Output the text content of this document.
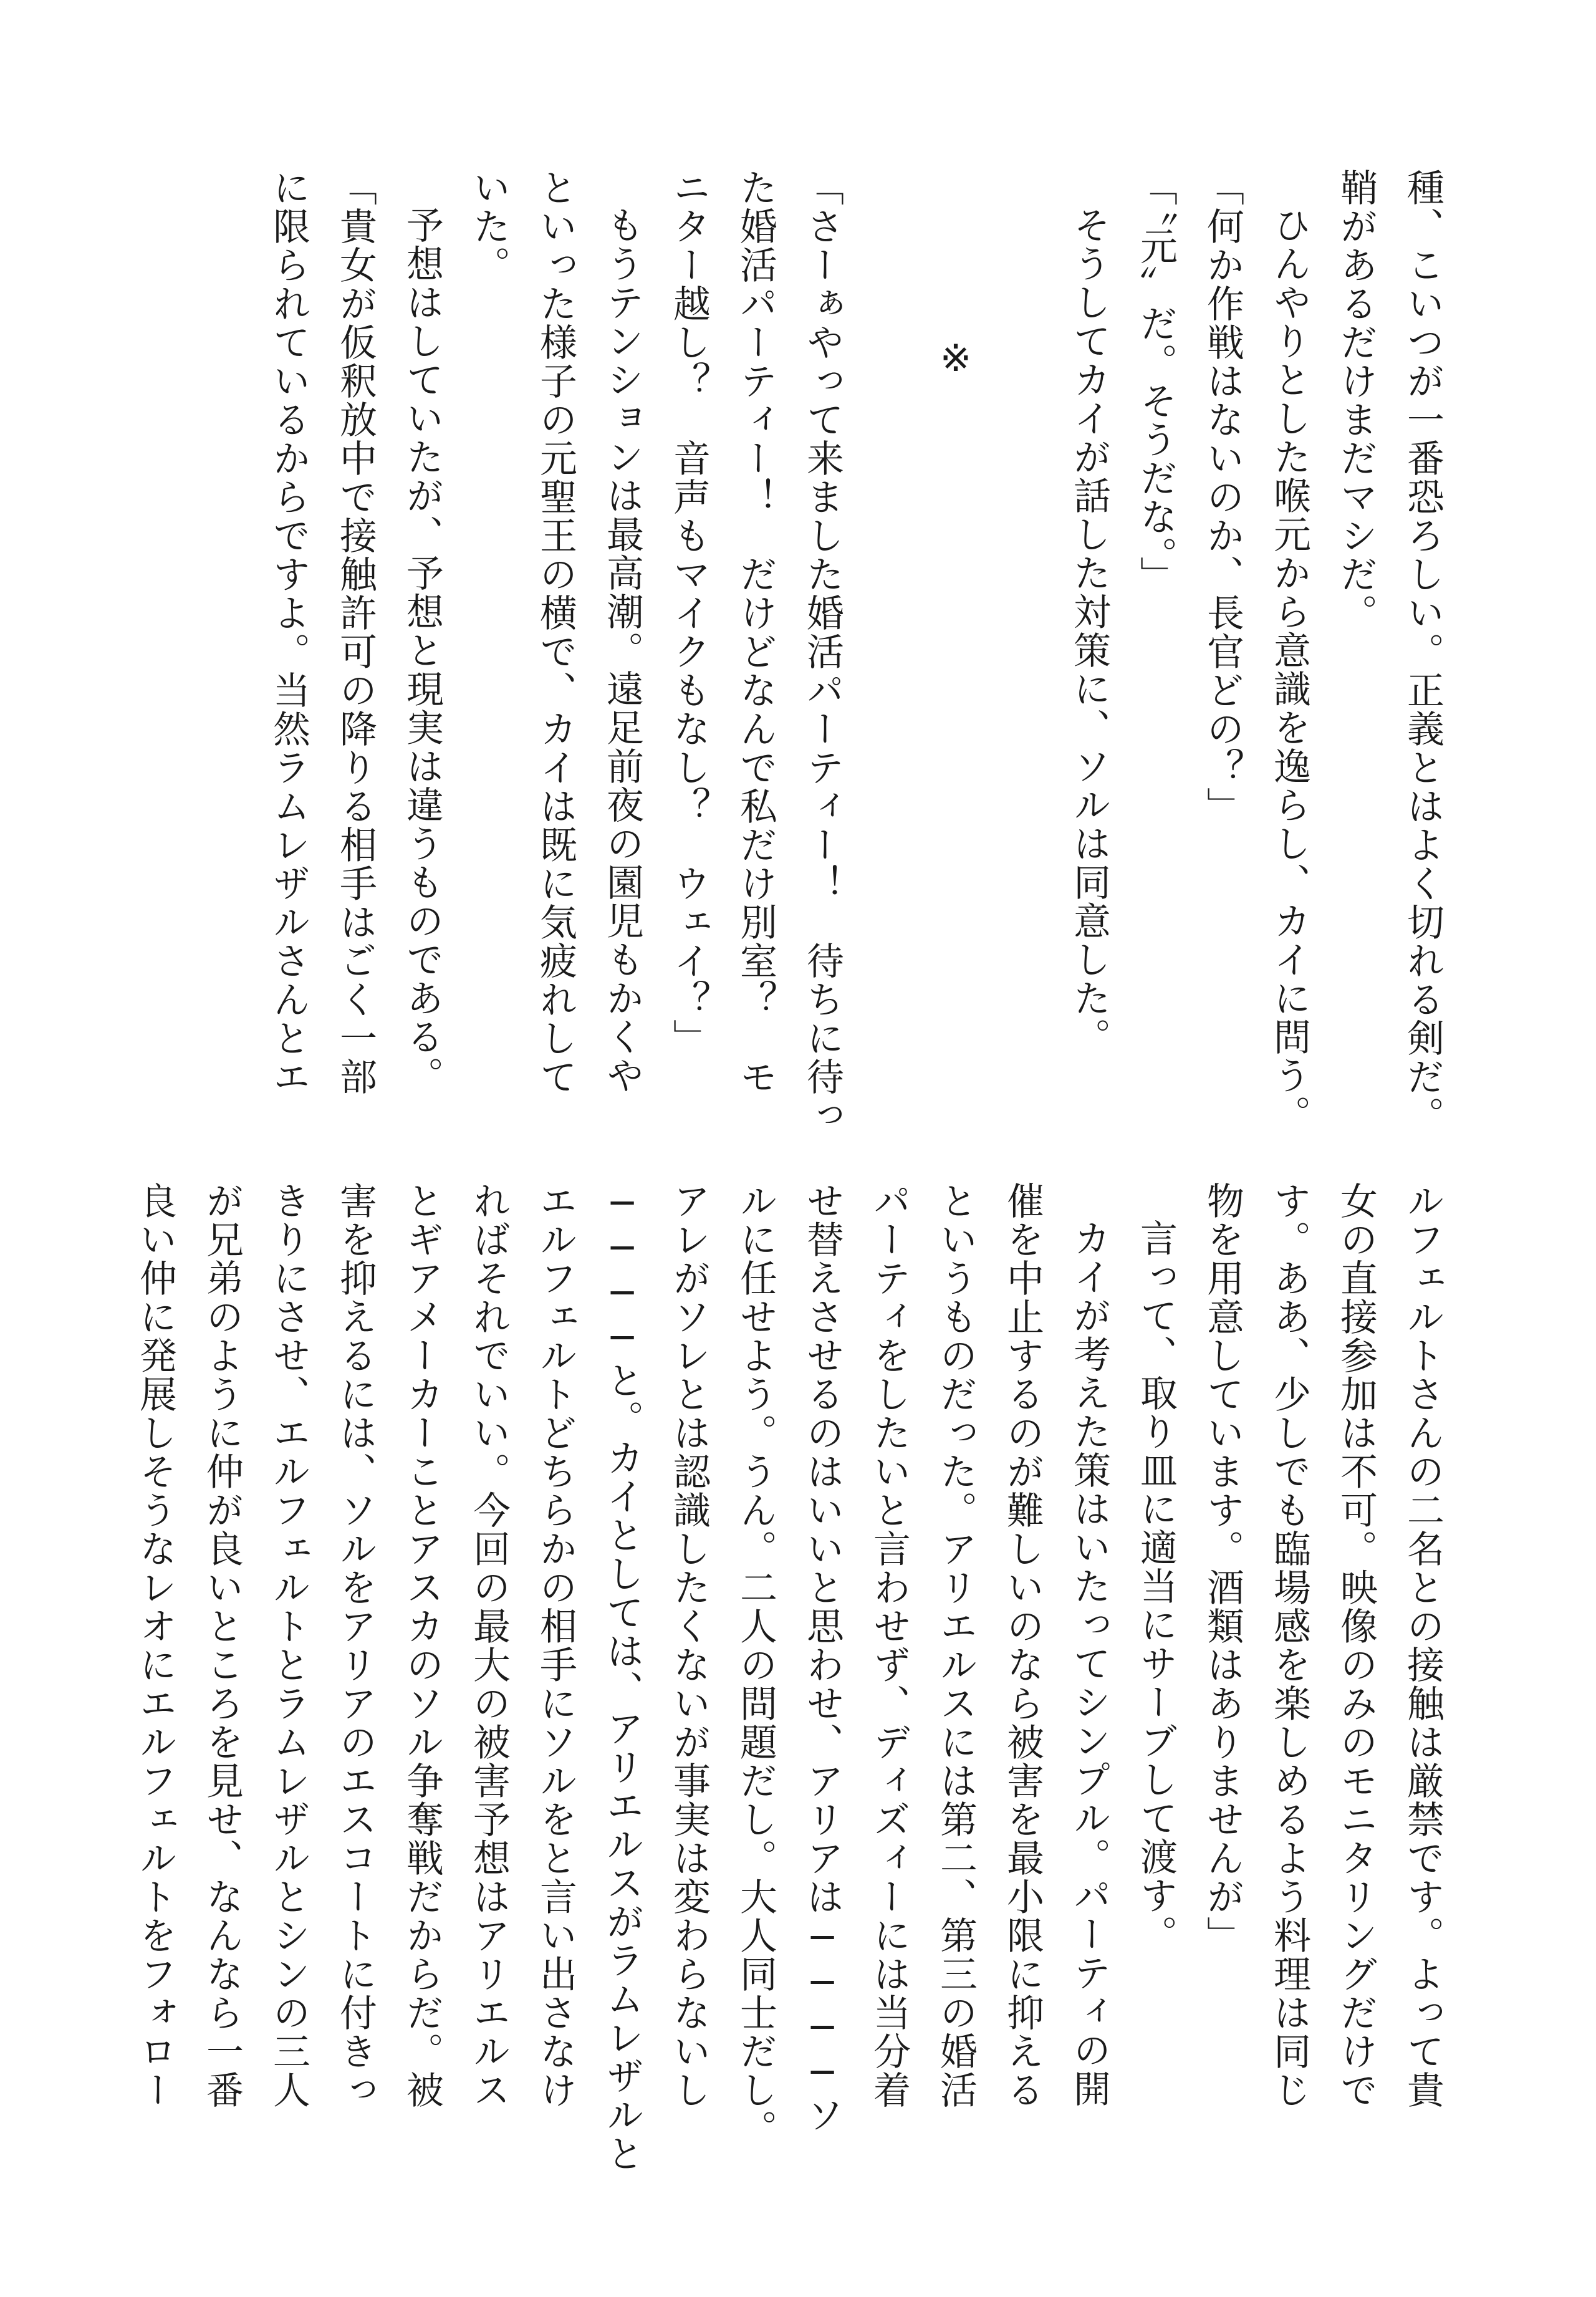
種、こいつが一番恐ろしい。正義とはよく切れる剣だ。
鞘があるだけまだマシだ。
ひんやりとした喉元から意識を逸らし、カイに問う。
「何か作戦はないのか、長官どの？」
「〝元〟だ。そうだな。」
そうしてカイが話した対策に、ソルは同意した。
※
「さーぁやって来ました婚活パーティー！　待ちに待っ
た婚活パーティー！　だけどなんで私だけ別室？　モ
ニター越し？　音声もマイクもなし？　ウェイ？」
もうテンションは最高潮。遠足前夜の園児もかくや
といった様子の元聖王の横で、カイは既に気疲れして
いた。
予想はしていたが、予想と現実は違うものである。
「貴女が仮釈放中で接触許可の降りる相手はごく一部
に限られているからですよ。当然ラムレザルさんとエ
ルフェルトさんの二名との接触は厳禁です。よって貴
女の直接参加は不可。映像のみのモニタリングだけで
す。ああ、少しでも臨場感を楽しめるよう料理は同じ
物を用意しています。酒類はありませんが」
言って、取り皿に適当にサーブして渡す。
カイが考えた策はいたってシンプル。パーティの開
催を中止するのが難しいのなら被害を最小限に抑える
というものだった。アリエルスには第二、第三の婚活
パーティをしたいと言わせず、ディズィーには当分着
せ替えさせるのはいいと思わせ、アリアは────ソ
ルに任せよう。うん。二人の問題だし。大人同士だし。
アレがソレとは認識したくないが事実は変わらないし
────と。カイとしては、アリエルスがラムレザルと
エルフェルトどちらかの相手にソルをと言い出さなけ
ればそれでいい。今回の最大の被害予想はアリエルス
とギアメーカーことアスカのソル争奪戦だからだ。被
害を抑えるには、ソルをアリアのエスコートに付きっ
きりにさせ、エルフェルトとラムレザルとシンの三人
が兄弟のように仲が良いところを見せ、なんなら一番
良い仲に発展しそうなレオにエルフェルトをフォロー
